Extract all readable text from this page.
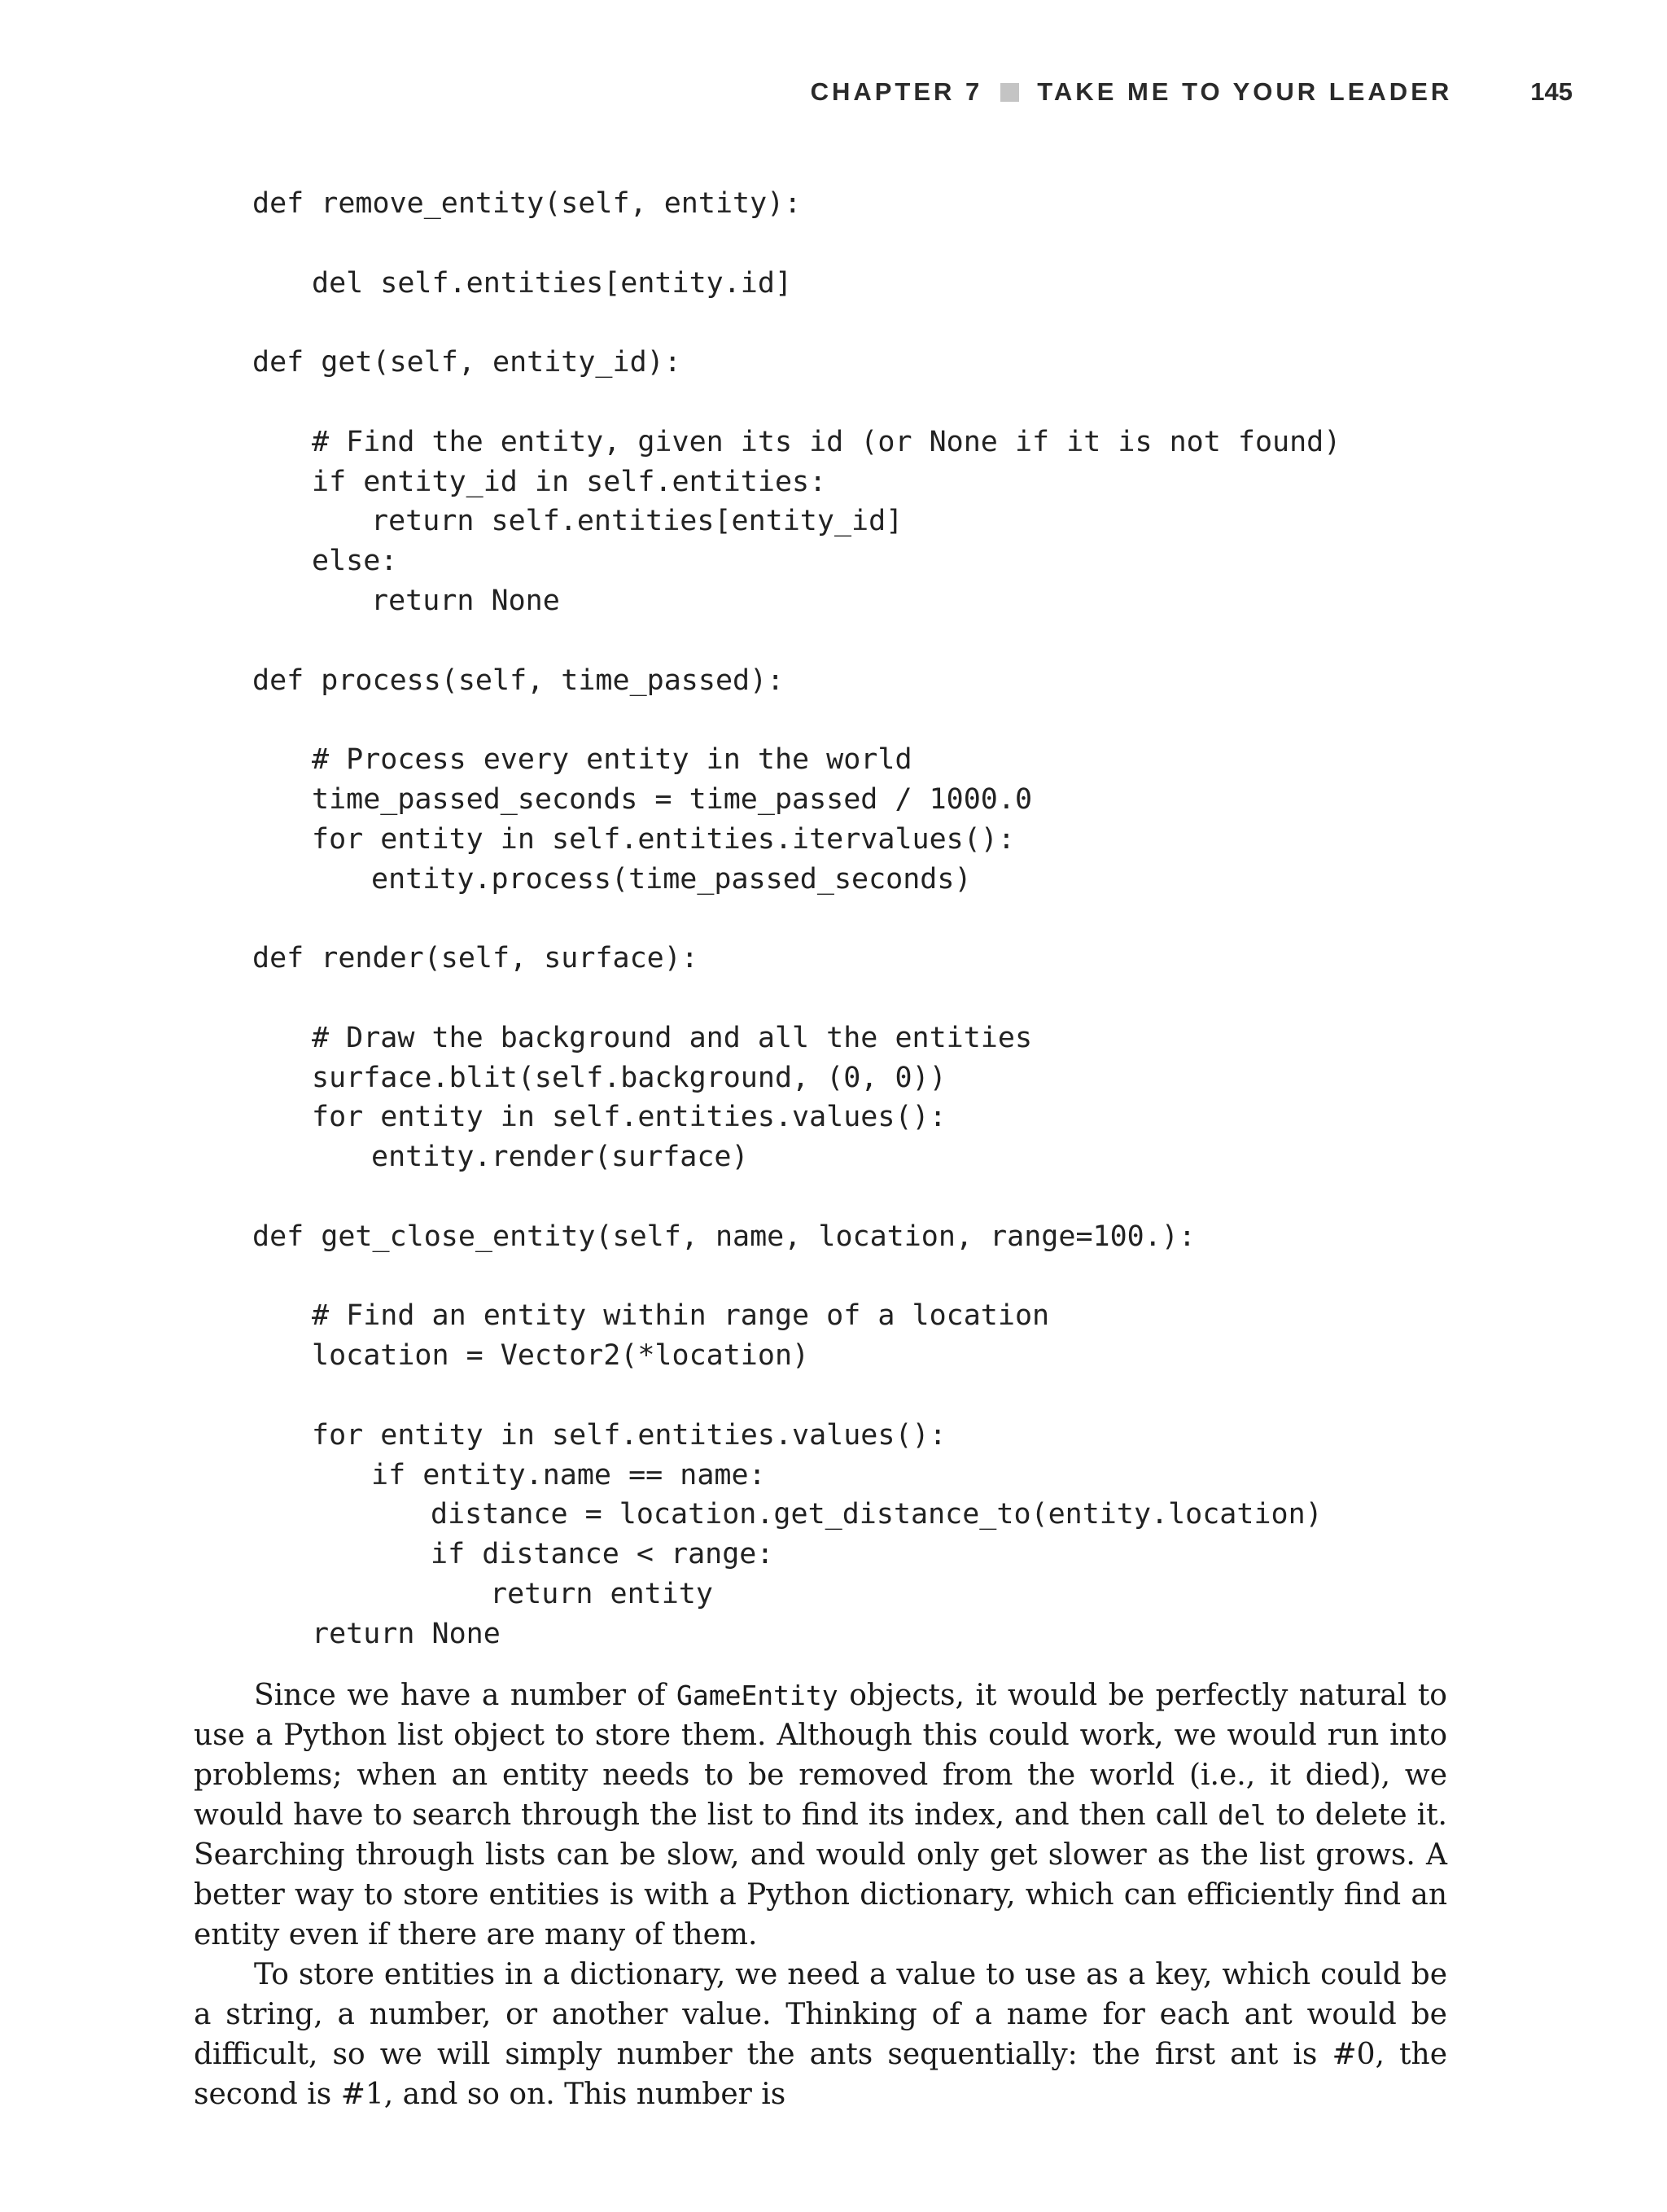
CHAPTER 7 TAKE ME TO YOUR LEADER	145
def remove_entity(self, entity):
del self.entities[entity.id]
def get(self, entity_id):
# Find the entity, given its id (or None if it is not found)
if entity_id in self.entities:
return self.entities[entity_id]
else:
return None
def process(self, time_passed):
# Process every entity in the world
time_passed_seconds = time_passed / 1000.0
for entity in self.entities.itervalues():
entity.process(time_passed_seconds)
def render(self, surface):
# Draw the background and all the entities
surface.blit(self.background, (0, 0))
for entity in self.entities.values():
entity.render(surface)
def get_close_entity(self, name, location, range=100.):
# Find an entity within range of a location
location = Vector2(*location)
for entity in self.entities.values():
if entity.name == name:
distance = location.get_distance_to(entity.location)
if distance < range:
return entity
return None

Since we have a number of GameEntity objects, it would be perfectly natural to use a Python list object to store them. Although this could work, we would run into problems; when an entity needs to be removed from the world (i.e., it died), we would have to search through the list to find its index, and then call del to delete it. Searching through lists can be slow, and would only get slower as the list grows. A better way to store entities is with a Python dictionary, which can efficiently find an entity even if there are many of them.

To store entities in a dictionary, we need a value to use as a key, which could be a string, a number, or another value. Thinking of a name for each ant would be difficult, so we will simply number the ants sequentially: the first ant is #0, the second is #1, and so on. This number is
